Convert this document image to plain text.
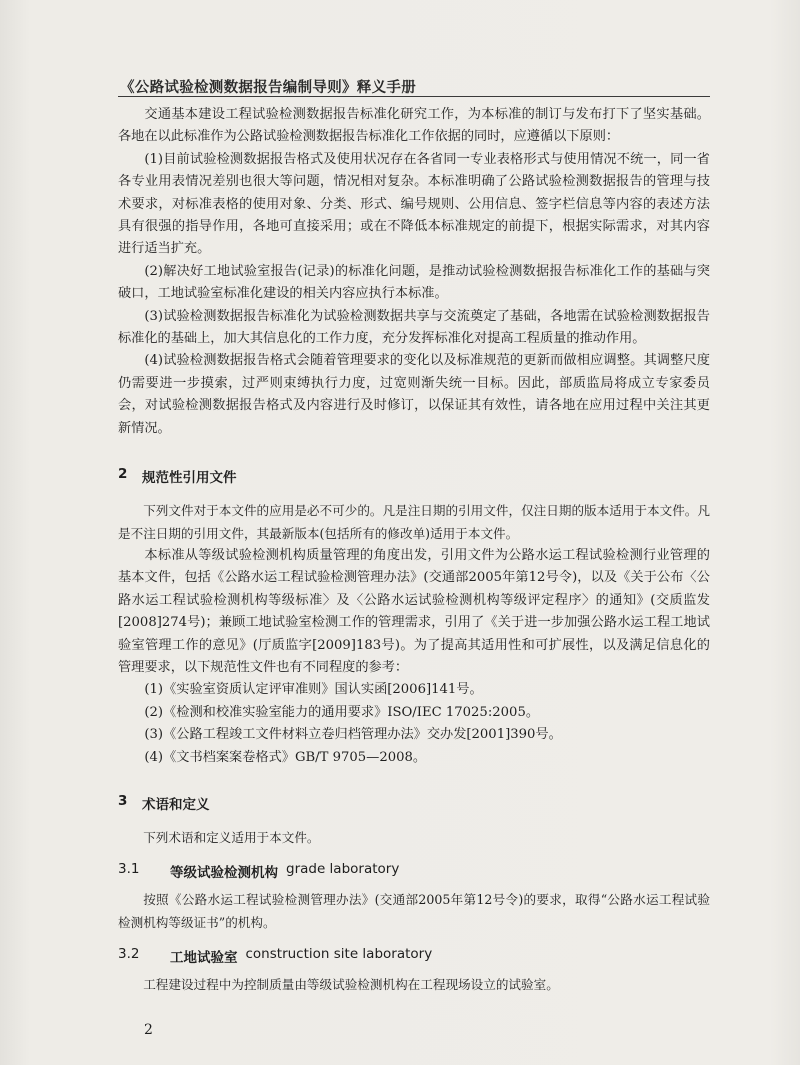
《公路试验检测数据报告编制导则》释义手册

交通基本建设工程试验检测数据报告标准化研究工作，为本标准的制订与发布打下了坚实基础。各地在以此标准作为公路试验检测数据报告标准化工作依据的同时，应遵循以下原则：

(1)目前试验检测数据报告格式及使用状况存在各省同一专业表格形式与使用情况不统一，同一省各专业用表情况差别也很大等问题，情况相对复杂。本标准明确了公路试验检测数据报告的管理与技术要求，对标准表格的使用对象、分类、形式、编号规则、公用信息、签字栏信息等内容的表述方法具有很强的指导作用，各地可直接采用；或在不降低本标准规定的前提下，根据实际需求，对其内容进行适当扩充。

(2)解决好工地试验室报告(记录)的标准化问题，是推动试验检测数据报告标准化工作的基础与突破口，工地试验室标准化建设的相关内容应执行本标准。

(3)试验检测数据报告标准化为试验检测数据共享与交流奠定了基础，各地需在试验检测数据报告标准化的基础上，加大其信息化的工作力度，充分发挥标准化对提高工程质量的推动作用。

(4)试验检测数据报告格式会随着管理要求的变化以及标准规范的更新而做相应调整。其调整尺度仍需要进一步摸索，过严则束缚执行力度，过宽则渐失统一目标。因此，部质监局将成立专家委员会，对试验检测数据报告格式及内容进行及时修订，以保证其有效性，请各地在应用过程中关注其更新情况。

2	规范性引用文件

下列文件对于本文件的应用是必不可少的。凡是注日期的引用文件，仅注日期的版本适用于本文件。凡是不注日期的引用文件，其最新版本(包括所有的修改单)适用于本文件。

本标准从等级试验检测机构质量管理的角度出发，引用文件为公路水运工程试验检测行业管理的基本文件，包括《公路水运工程试验检测管理办法》(交通部2005年第12号令)，以及《关于公布〈公路水运工程试验检测机构等级标准〉及〈公路水运试验检测机构等级评定程序〉的通知》(交质监发[2008]274号)；兼顾工地试验室检测工作的管理需求，引用了《关于进一步加强公路水运工程工地试验室管理工作的意见》(厅质监字[2009]183号)。为了提高其适用性和可扩展性，以及满足信息化的管理要求，以下规范性文件也有不同程度的参考：

(1)《实验室资质认定评审准则》国认实函[2006]141号。

(2)《检测和校准实验室能力的通用要求》ISO/IEC 17025:2005。

(3)《公路工程竣工文件材料立卷归档管理办法》交办发[2001]390号。

(4)《文书档案案卷格式》GB/T 9705—2008。

3	术语和定义

下列术语和定义适用于本文件。

3.1	等级试验检测机构 grade laboratory

按照《公路水运工程试验检测管理办法》(交通部2005年第12号令)的要求，取得“公路水运工程试验检测机构等级证书”的机构。

3.2	工地试验室 construction site laboratory

工程建设过程中为控制质量由等级试验检测机构在工程现场设立的试验室。

2
